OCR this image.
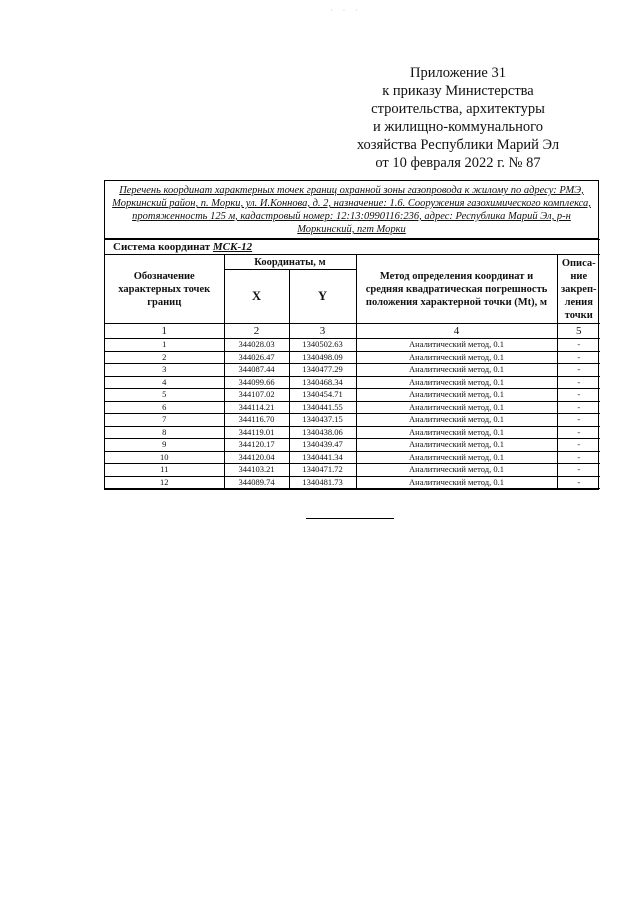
· · ·
Приложение 31
к приказу Министерства
строительства, архитектуры
и жилищно-коммунального
хозяйства Республики Марий Эл
от 10 февраля 2022 г. № 87
Перечень координат характерных точек границ охранной зоны газопровода к жилому по адресу: РМЭ, Моркинский район, п. Морки, ул. И.Коннова, д. 2, назначение: 1.6. Сооружения газохимического комплекса, протяженность 125 м, кадастровый номер: 12:13:0990116:236, адрес: Республика Марий Эл, р-н Моркинский, пгт Морки
Система координат МСК-12				
Обозначение характерных точек границ	Координаты, м		Метод определения координат и средняя квадратическая погрешность положения характерной точки (Mt), м	Описа-ние закреп-ления точки
	X	Y		
1	2	3	4	5
1	344028.03	1340502.63	Аналитический метод, 0.1	-
2	344026.47	1340498.09	Аналитический метод, 0.1	-
3	344087.44	1340477.29	Аналитический метод, 0.1	-
4	344099.66	1340468.34	Аналитический метод, 0.1	-
5	344107.02	1340454.71	Аналитический метод, 0.1	-
6	344114.21	1340441.55	Аналитический метод, 0.1	-
7	344116.70	1340437.15	Аналитический метод, 0.1	-
8	344119.01	1340438.06	Аналитический метод, 0.1	-
9	344120.17	1340439.47	Аналитический метод, 0.1	-
10	344120.04	1340441.34	Аналитический метод, 0.1	-
11	344103.21	1340471.72	Аналитический метод, 0.1	-
12	344089.74	1340481.73	Аналитический метод, 0.1	-
